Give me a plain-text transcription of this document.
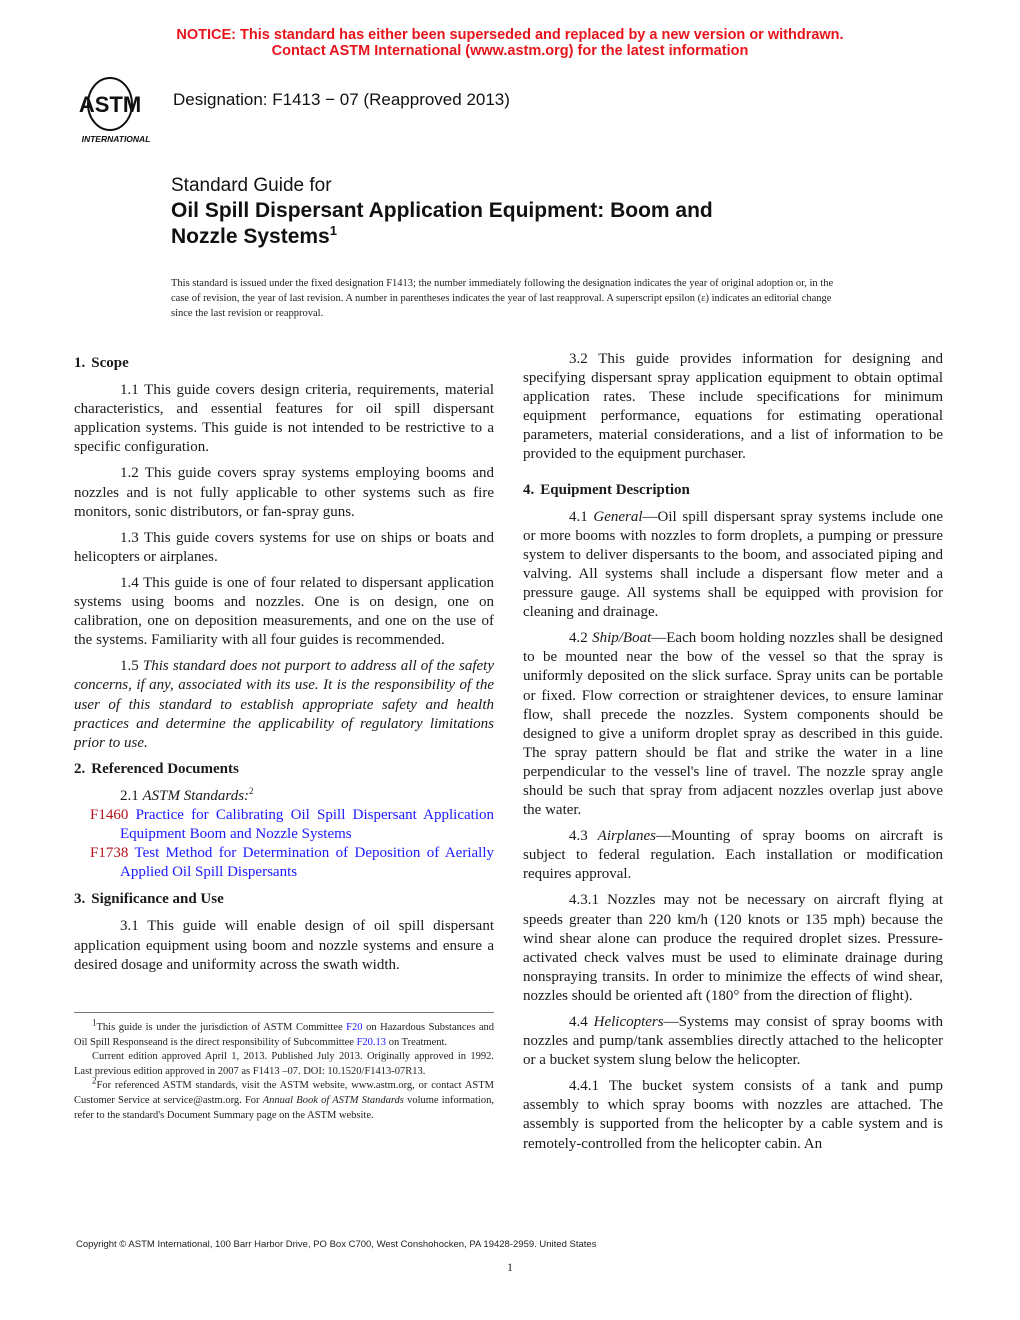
NOTICE: This standard has either been superseded and replaced by a new version or withdrawn.
Contact ASTM International (www.astm.org) for the latest information
ASTM
INTERNATIONAL
Designation: F1413 − 07 (Reapproved 2013)
Standard Guide for
Oil Spill Dispersant Application Equipment: Boom and
Nozzle Systems$^1$
This standard is issued under the fixed designation F1413; the number immediately following the designation indicates the year of original adoption or, in the case of revision, the year of last revision. A number in parentheses indicates the year of last reapproval. A superscript epsilon (ε) indicates an editorial change since the last revision or reapproval.
1. Scope

1.1 This guide covers design criteria, requirements, material characteristics, and essential features for oil spill dispersant application systems. This guide is not intended to be restrictive to a specific configuration.

1.2 This guide covers spray systems employing booms and nozzles and is not fully applicable to other systems such as fire monitors, sonic distributors, or fan-spray guns.

1.3 This guide covers systems for use on ships or boats and helicopters or airplanes.

1.4 This guide is one of four related to dispersant application systems using booms and nozzles. One is on design, one on calibration, one on deposition measurements, and one on the use of the systems. Familiarity with all four guides is recommended.

1.5 This standard does not purport to address all of the safety concerns, if any, associated with its use. It is the responsibility of the user of this standard to establish appropriate safety and health practices and determine the applicability of regulatory limitations prior to use.

2. Referenced Documents

2.1 ASTM Standards:$^2$

F1460 Practice for Calibrating Oil Spill Dispersant Application Equipment Boom and Nozzle Systems
F1738 Test Method for Determination of Deposition of Aerially Applied Oil Spill Dispersants
3. Significance and Use

3.1 This guide will enable design of oil spill dispersant application equipment using boom and nozzle systems and ensure a desired dosage and uniformity across the swath width.

3.2 This guide provides information for designing and specifying dispersant spray application equipment to obtain optimal application rates. These include specifications for minimum equipment performance, equations for estimating operational parameters, material considerations, and a list of information to be provided to the equipment purchaser.

4. Equipment Description

4.1 General—Oil spill dispersant spray systems include one or more booms with nozzles to form droplets, a pumping or pressure system to deliver dispersants to the boom, and associated piping and valving. All systems shall include a dispersant flow meter and a pressure gauge. All systems shall be equipped with provision for cleaning and drainage.

4.2 Ship/Boat—Each boom holding nozzles shall be designed to be mounted near the bow of the vessel so that the spray is uniformly deposited on the slick surface. Spray units can be portable or fixed. Flow correction or straightener devices, to ensure laminar flow, shall precede the nozzles. System components should be designed to give a uniform droplet spray as described in this guide. The spray pattern should be flat and strike the water in a line perpendicular to the vessel's line of travel. The nozzle spray angle should be such that spray from adjacent nozzles overlap just above the water.

4.3 Airplanes—Mounting of spray booms on aircraft is subject to federal regulation. Each installation or modification requires approval.

4.3.1 Nozzles may not be necessary on aircraft flying at speeds greater than 220 km/h (120 knots or 135 mph) because the wind shear alone can produce the required droplet sizes. Pressure-activated check valves must be used to eliminate drainage during nonspraying transits. In order to minimize the effects of wind shear, nozzles should be oriented aft (180° from the direction of flight).

4.4 Helicopters—Systems may consist of spray booms with nozzles and pump/tank assemblies directly attached to the helicopter or a bucket system slung below the helicopter.

4.4.1 The bucket system consists of a tank and pump assembly to which spray booms with nozzles are attached. The assembly is supported from the helicopter by a cable system and is remotely-controlled from the helicopter cabin. An

$^1$This guide is under the jurisdiction of ASTM Committee F20 on Hazardous Substances and Oil Spill Responseand is the direct responsibility of Subcommittee F20.13 on Treatment.

Current edition approved April 1, 2013. Published July 2013. Originally approved in 1992. Last previous edition approved in 2007 as F1413 –07. DOI: 10.1520/F1413-07R13.

$^2$For referenced ASTM standards, visit the ASTM website, www.astm.org, or contact ASTM Customer Service at service@astm.org. For Annual Book of ASTM Standards volume information, refer to the standard's Document Summary page on the ASTM website.

Copyright © ASTM International, 100 Barr Harbor Drive, PO Box C700, West Conshohocken, PA 19428-2959. United States
1
